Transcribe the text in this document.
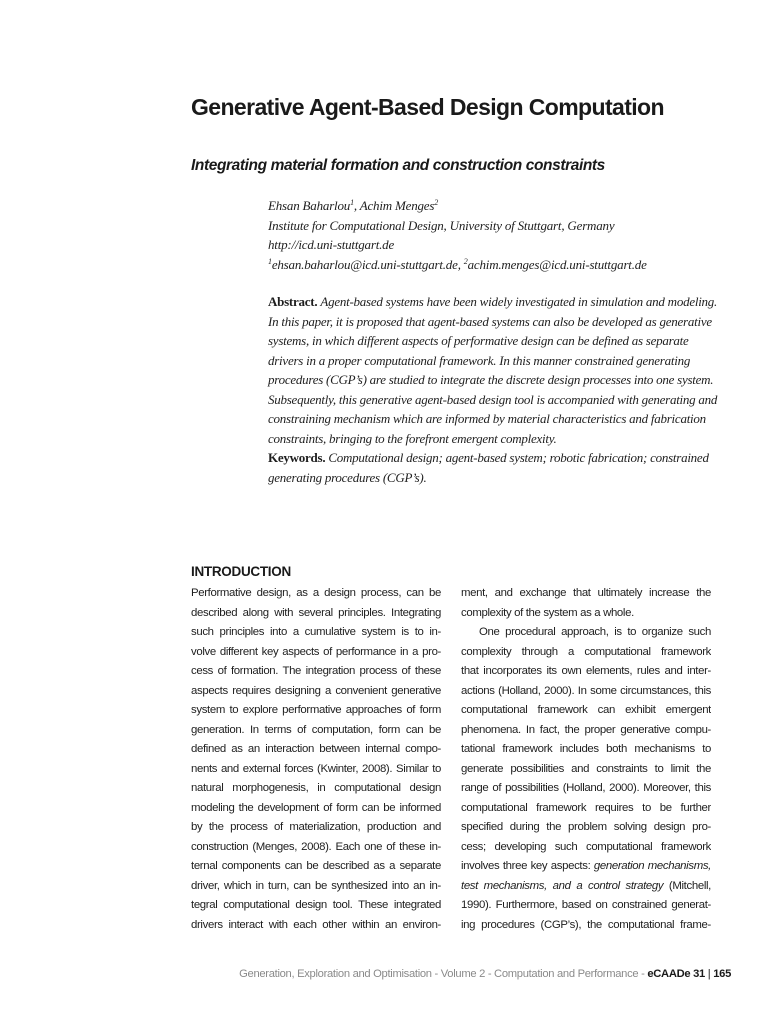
Generative Agent-Based Design Computation
Integrating material formation and construction constraints
Ehsan Baharlou$^1$, Achim Menges$^2$
Institute for Computational Design, University of Stuttgart, Germany
http://icd.uni-stuttgart.de
$^1$ehsan.baharlou@icd.uni-stuttgart.de, $^2$achim.menges@icd.uni-stuttgart.de
Abstract. Agent-based systems have been widely investigated in simulation and modeling.
In this paper, it is proposed that agent-based systems can also be developed as generative
systems, in which different aspects of performative design can be defined as separate
drivers in a proper computational framework. In this manner constrained generating
procedures (CGP’s) are studied to integrate the discrete design processes into one system.
Subsequently, this generative agent-based design tool is accompanied with generating and
constraining mechanism which are informed by material characteristics and fabrication
constraints, bringing to the forefront emergent complexity.
Keywords. Computational design; agent-based system; robotic fabrication; constrained
generating procedures (CGP’s).
INTRODUCTION
Performative design, as a design process, can be
described along with several principles. Integrating
such principles into a cumulative system is to in-
volve different key aspects of performance in a pro-
cess of formation. The integration process of these
aspects requires designing a convenient generative
system to explore performative approaches of form
generation. In terms of computation, form can be
defined as an interaction between internal compo-
nents and external forces (Kwinter, 2008). Similar to
natural morphogenesis, in computational design
modeling the development of form can be informed
by the process of materialization, production and
construction (Menges, 2008). Each one of these in-
ternal components can be described as a separate
driver, which in turn, can be synthesized into an in-
tegral computational design tool. These integrated
drivers interact with each other within an environ-
ment, and exchange that ultimately increase the
complexity of the system as a whole.
One procedural approach, is to organize such
complexity through a computational framework
that incorporates its own elements, rules and inter-
actions (Holland, 2000). In some circumstances, this
computational framework can exhibit emergent
phenomena. In fact, the proper generative compu-
tational framework includes both mechanisms to
generate possibilities and constraints to limit the
range of possibilities (Holland, 2000). Moreover, this
computational framework requires to be further
specified during the problem solving design pro-
cess; developing such computational framework
involves three key aspects: generation mechanisms,
test mechanisms, and a control strategy (Mitchell,
1990). Furthermore, based on constrained generat-
ing procedures (CGP’s), the computational frame-
Generation, Exploration and Optimisation - Volume 2 - Computation and Performance - eCAADe 31 | 165
